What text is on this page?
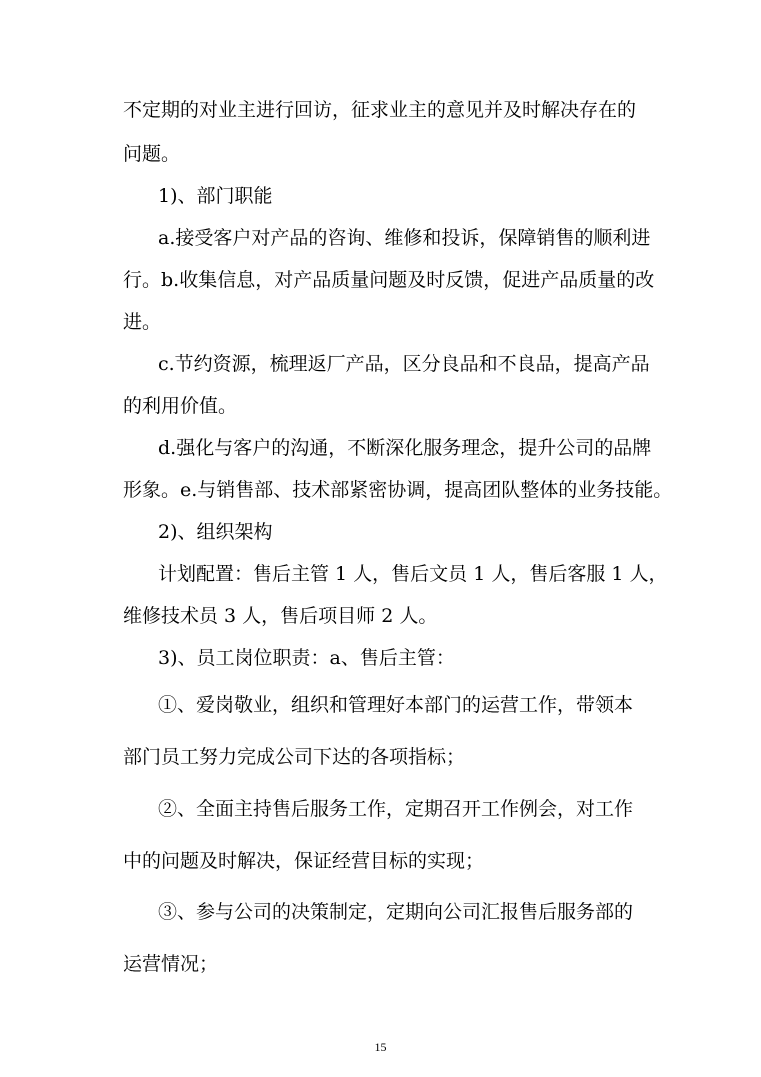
不定期的对业主进行回访，征求业主的意见并及时解决存在的
问题。
1)、部门职能
a.接受客户对产品的咨询、维修和投诉，保障销售的顺利进
行。b.收集信息，对产品质量问题及时反馈，促进产品质量的改
进。
c.节约资源，梳理返厂产品，区分良品和不良品，提高产品
的利用价值。
d.强化与客户的沟通，不断深化服务理念，提升公司的品牌
形象。e.与销售部、技术部紧密协调，提高团队整体的业务技能。
2)、组织架构
计划配置：售后主管 1 人，售后文员 1 人，售后客服 1 人，
维修技术员 3 人，售后项目师 2 人。
3)、员工岗位职责：a、售后主管：
①、爱岗敬业，组织和管理好本部门的运营工作，带领本
部门员工努力完成公司下达的各项指标；
②、全面主持售后服务工作，定期召开工作例会，对工作
中的问题及时解决，保证经营目标的实现；
③、参与公司的决策制定，定期向公司汇报售后服务部的
运营情况；
15
